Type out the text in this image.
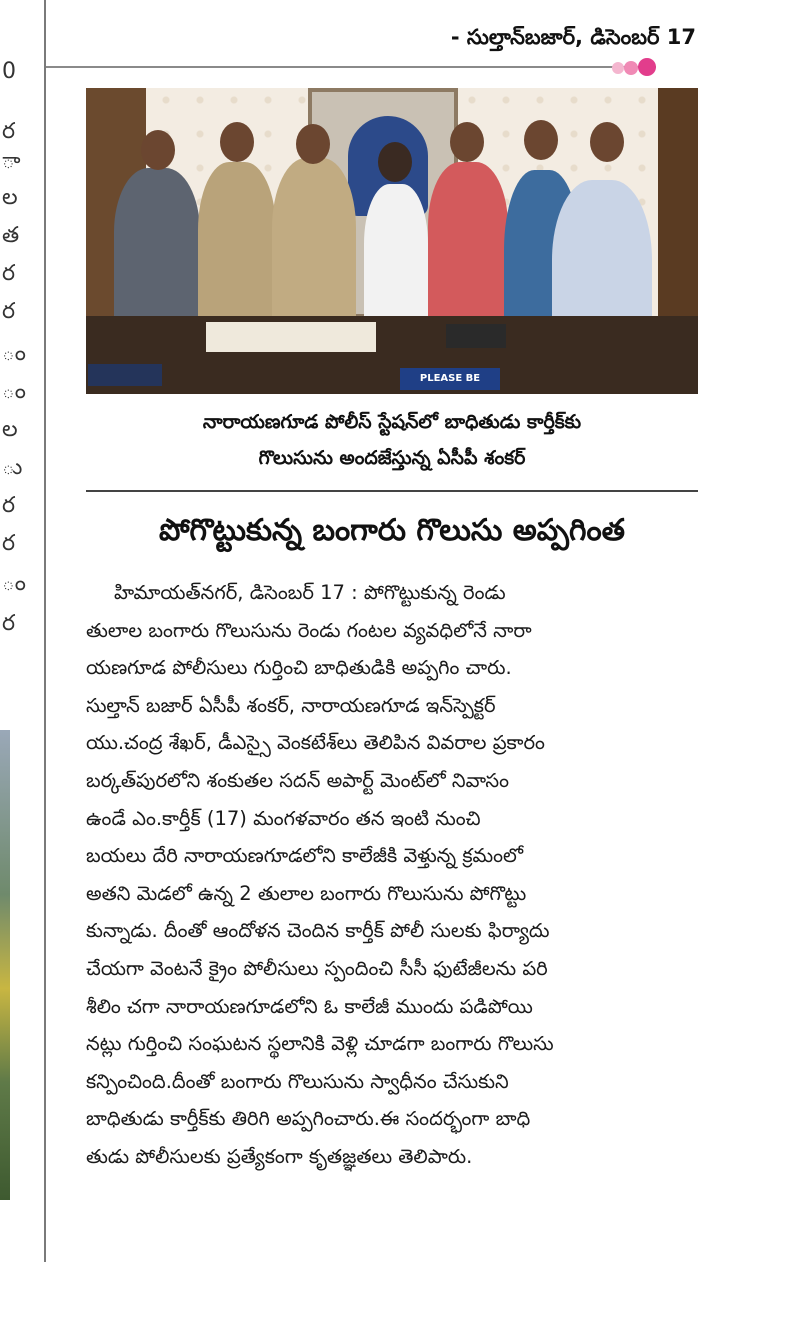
0
ర
ా
ల
త
ర
ర
ం
ం
ల
ు
ర
ర
ం
ర

- సుల్తాన్‌బజార్, డిసెంబర్ 17
PLEASE BE SEATED
నారాయణగూడ పోలీస్ స్టేషన్‌లో బాధితుడు కార్తీక్‌కు
గొలుసును అందజేస్తున్న ఏసీపీ శంకర్
పోగొట్టుకున్న బంగారు గొలుసు అప్పగింత
హిమాయత్‌నగర్, డిసెంబర్ 17 : పోగొట్టుకున్న రెండు
తులాల బంగారు గొలుసును రెండు గంటల వ్యవధిలోనే నారా
యణగూడ పోలీసులు గుర్తించి బాధితుడికి అప్పగిం చారు.
సుల్తాన్ బజార్ ఏసీపీ శంకర్, నారాయణగూడ ఇన్‌స్పెక్టర్
యు.చంద్ర శేఖర్, డీఎస్సై వెంకటేశ్‌లు తెలిపిన వివరాల ప్రకారం
బర్కత్‌పురలోని శంకుతల సదన్ అపార్ట్ మెంట్‌లో నివాసం
ఉండే ఎం.కార్తీక్ (17) మంగళవారం తన ఇంటి నుంచి
బయలు దేరి నారాయణగూడలోని కాలేజీకి వెళ్తున్న క్రమంలో
అతని మెడలో ఉన్న 2 తులాల బంగారు గొలుసును పోగొట్టు
కున్నాడు. దీంతో ఆందోళన చెందిన కార్తీక్ పోలీ సులకు ఫిర్యాదు
చేయగా వెంటనే క్రైం పోలీసులు స్పందించి సీసీ ఫుటేజీలను పరి
శీలిం చగా నారాయణగూడలోని ఓ కాలేజీ ముందు పడిపోయి
నట్లు గుర్తించి సంఘటన స్థలానికి వెళ్లి చూడగా బంగారు గొలుసు
కన్పించింది.దీంతో బంగారు గొలుసును స్వాధీనం చేసుకుని
బాధితుడు కార్తీక్‌కు తిరిగి అప్పగించారు.ఈ సందర్భంగా బాధి
తుడు పోలీసులకు ప్రత్యేకంగా కృతజ్ఞతలు తెలిపారు.
